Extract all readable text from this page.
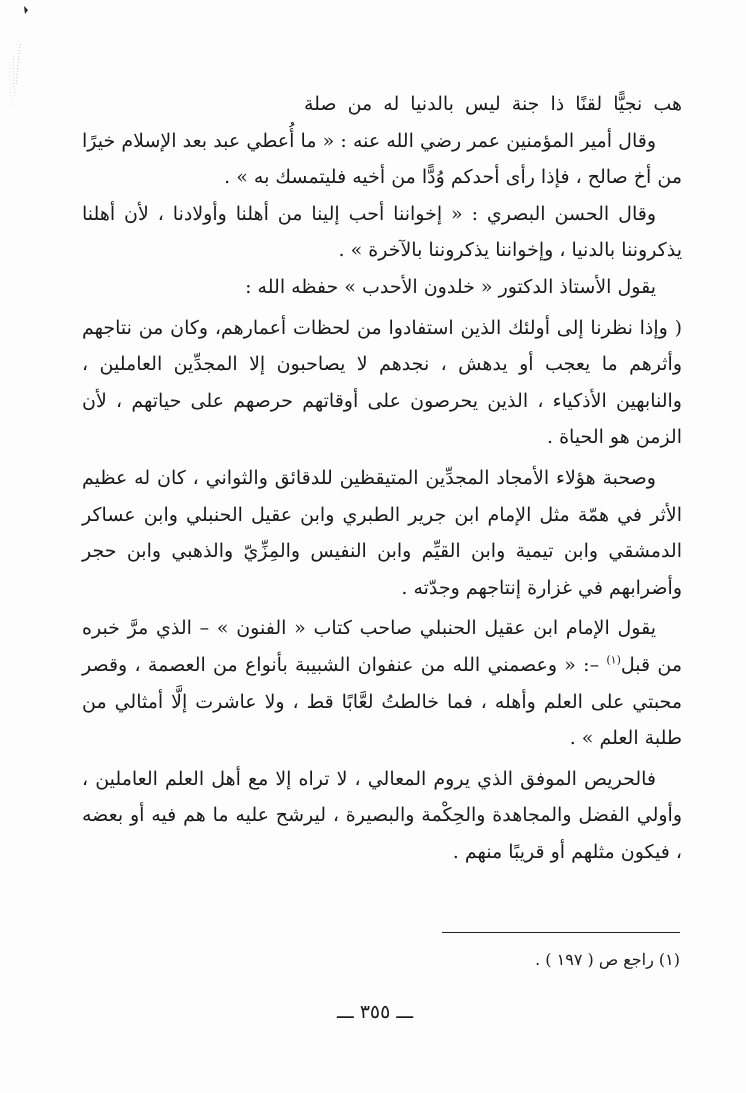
هب نجيًّا لقنًا ذا جنة ليس بالدنيا له من صلة

وقال أمير المؤمنين عمر رضي الله عنه : « ما أُعطي عبد بعد الإسلام خيرًا من أخ صالح ، فإذا رأى أحدكم وُدًّا من أخيه فليتمسك به » .

وقال الحسن البصري : « إخواننا أحب إلينا من أهلنا وأولادنا ، لأن أهلنا يذكروننا بالدنيا ، وإخواننا يذكروننا بالآخرة » .

يقول الأستاذ الدكتور « خلدون الأحدب » حفظه الله :

( وإذا نظرنا إلى أولئك الذين استفادوا من لحظات أعمارهم، وكان من نتاجهم وأثرهم ما يعجب أو يدهش ، نجدهم لا يصاحبون إلا المجدِّين العاملين ، والنابهين الأذكياء ، الذين يحرصون على أوقاتهم حرصهم على حياتهم ، لأن الزمن هو الحياة .

وصحبة هؤلاء الأمجاد المجدِّين المتيقظين للدقائق والثواني ، كان له عظيم الأثر في همّة مثل الإمام ابن جرير الطبري وابن عقيل الحنبلي وابن عساكر الدمشقي وابن تيمية وابن القيِّم وابن النفيس والمِزِّيّ والذهبي وابن حجر وأضرابهم في غزارة إنتاجهم وجدّته .

يقول الإمام ابن عقيل الحنبلي صاحب كتاب « الفنون » – الذي مرَّ خبره من قبل$^{(١)}$ –: « وعصمني الله من عنفوان الشبيبة بأنواع من العصمة ، وقصر محبتي على العلم وأهله ، فما خالطتُ لعَّابًا قط ، ولا عاشرت إلَّا أمثالي من طلبة العلم » .

فالحريص الموفق الذي يروم المعالي ، لا تراه إلا مع أهل العلم العاملين ، وأولي الفضل والمجاهدة والحِكْمة والبصيرة ، ليرشح عليه ما هم فيه أو بعضه ، فيكون مثلهم أو قريبًا منهم .

(١) راجع ص ( ١٩٧ ) .
ـــ ٣٥٥ ـــ
